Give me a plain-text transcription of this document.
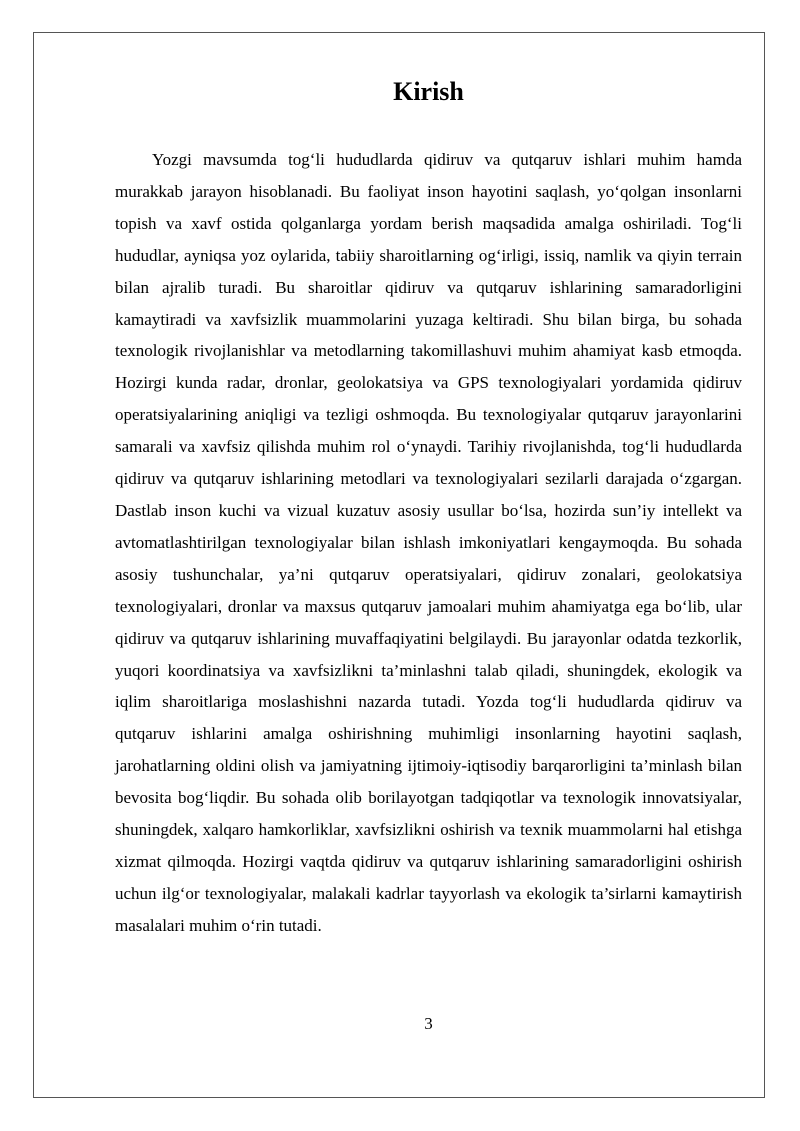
Kirish

Yozgi mavsumda tog‘li hududlarda qidiruv va qutqaruv ishlari muhim hamda murakkab jarayon hisoblanadi. Bu faoliyat inson hayotini saqlash, yo‘qolgan insonlarni topish va xavf ostida qolganlarga yordam berish maqsadida amalga oshiriladi. Tog‘li hududlar, ayniqsa yoz oylarida, tabiiy sharoitlarning og‘irligi, issiq, namlik va qiyin terrain bilan ajralib turadi. Bu sharoitlar qidiruv va qutqaruv ishlarining samaradorligini kamaytiradi va xavfsizlik muammolarini yuzaga keltiradi. Shu bilan birga, bu sohada texnologik rivojlanishlar va metodlarning takomillashuvi muhim ahamiyat kasb etmoqda. Hozirgi kunda radar, dronlar, geolokatsiya va GPS texnologiyalari yordamida qidiruv operatsiyalarining aniqligi va tezligi oshmoqda. Bu texnologiyalar qutqaruv jarayonlarini samarali va xavfsiz qilishda muhim rol o‘ynaydi. Tarihiy rivojlanishda, tog‘li hududlarda qidiruv va qutqaruv ishlarining metodlari va texnologiyalari sezilarli darajada o‘zgargan. Dastlab inson kuchi va vizual kuzatuv asosiy usullar bo‘lsa, hozirda sun’iy intellekt va avtomatlashtirilgan texnologiyalar bilan ishlash imkoniyatlari kengaymoqda. Bu sohada asosiy tushunchalar, ya’ni qutqaruv operatsiyalari, qidiruv zonalari, geolokatsiya texnologiyalari, dronlar va maxsus qutqaruv jamoalari muhim ahamiyatga ega bo‘lib, ular qidiruv va qutqaruv ishlarining muvaffaqiyatini belgilaydi. Bu jarayonlar odatda tezkorlik, yuqori koordinatsiya va xavfsizlikni ta’minlashni talab qiladi, shuningdek, ekologik va iqlim sharoitlariga moslashishni nazarda tutadi. Yozda tog‘li hududlarda qidiruv va qutqaruv ishlarini amalga oshirishning muhimligi insonlarning hayotini saqlash, jarohatlarning oldini olish va jamiyatning ijtimoiy-iqtisodiy barqarorligini ta’minlash bilan bevosita bog‘liqdir. Bu sohada olib borilayotgan tadqiqotlar va texnologik innovatsiyalar, shuningdek, xalqaro hamkorliklar, xavfsizlikni oshirish va texnik muammolarni hal etishga xizmat qilmoqda. Hozirgi vaqtda qidiruv va qutqaruv ishlarining samaradorligini oshirish uchun ilg‘or texnologiyalar, malakali kadrlar tayyorlash va ekologik ta’sirlarni kamaytirish masalalari muhim o‘rin tutadi.

3
